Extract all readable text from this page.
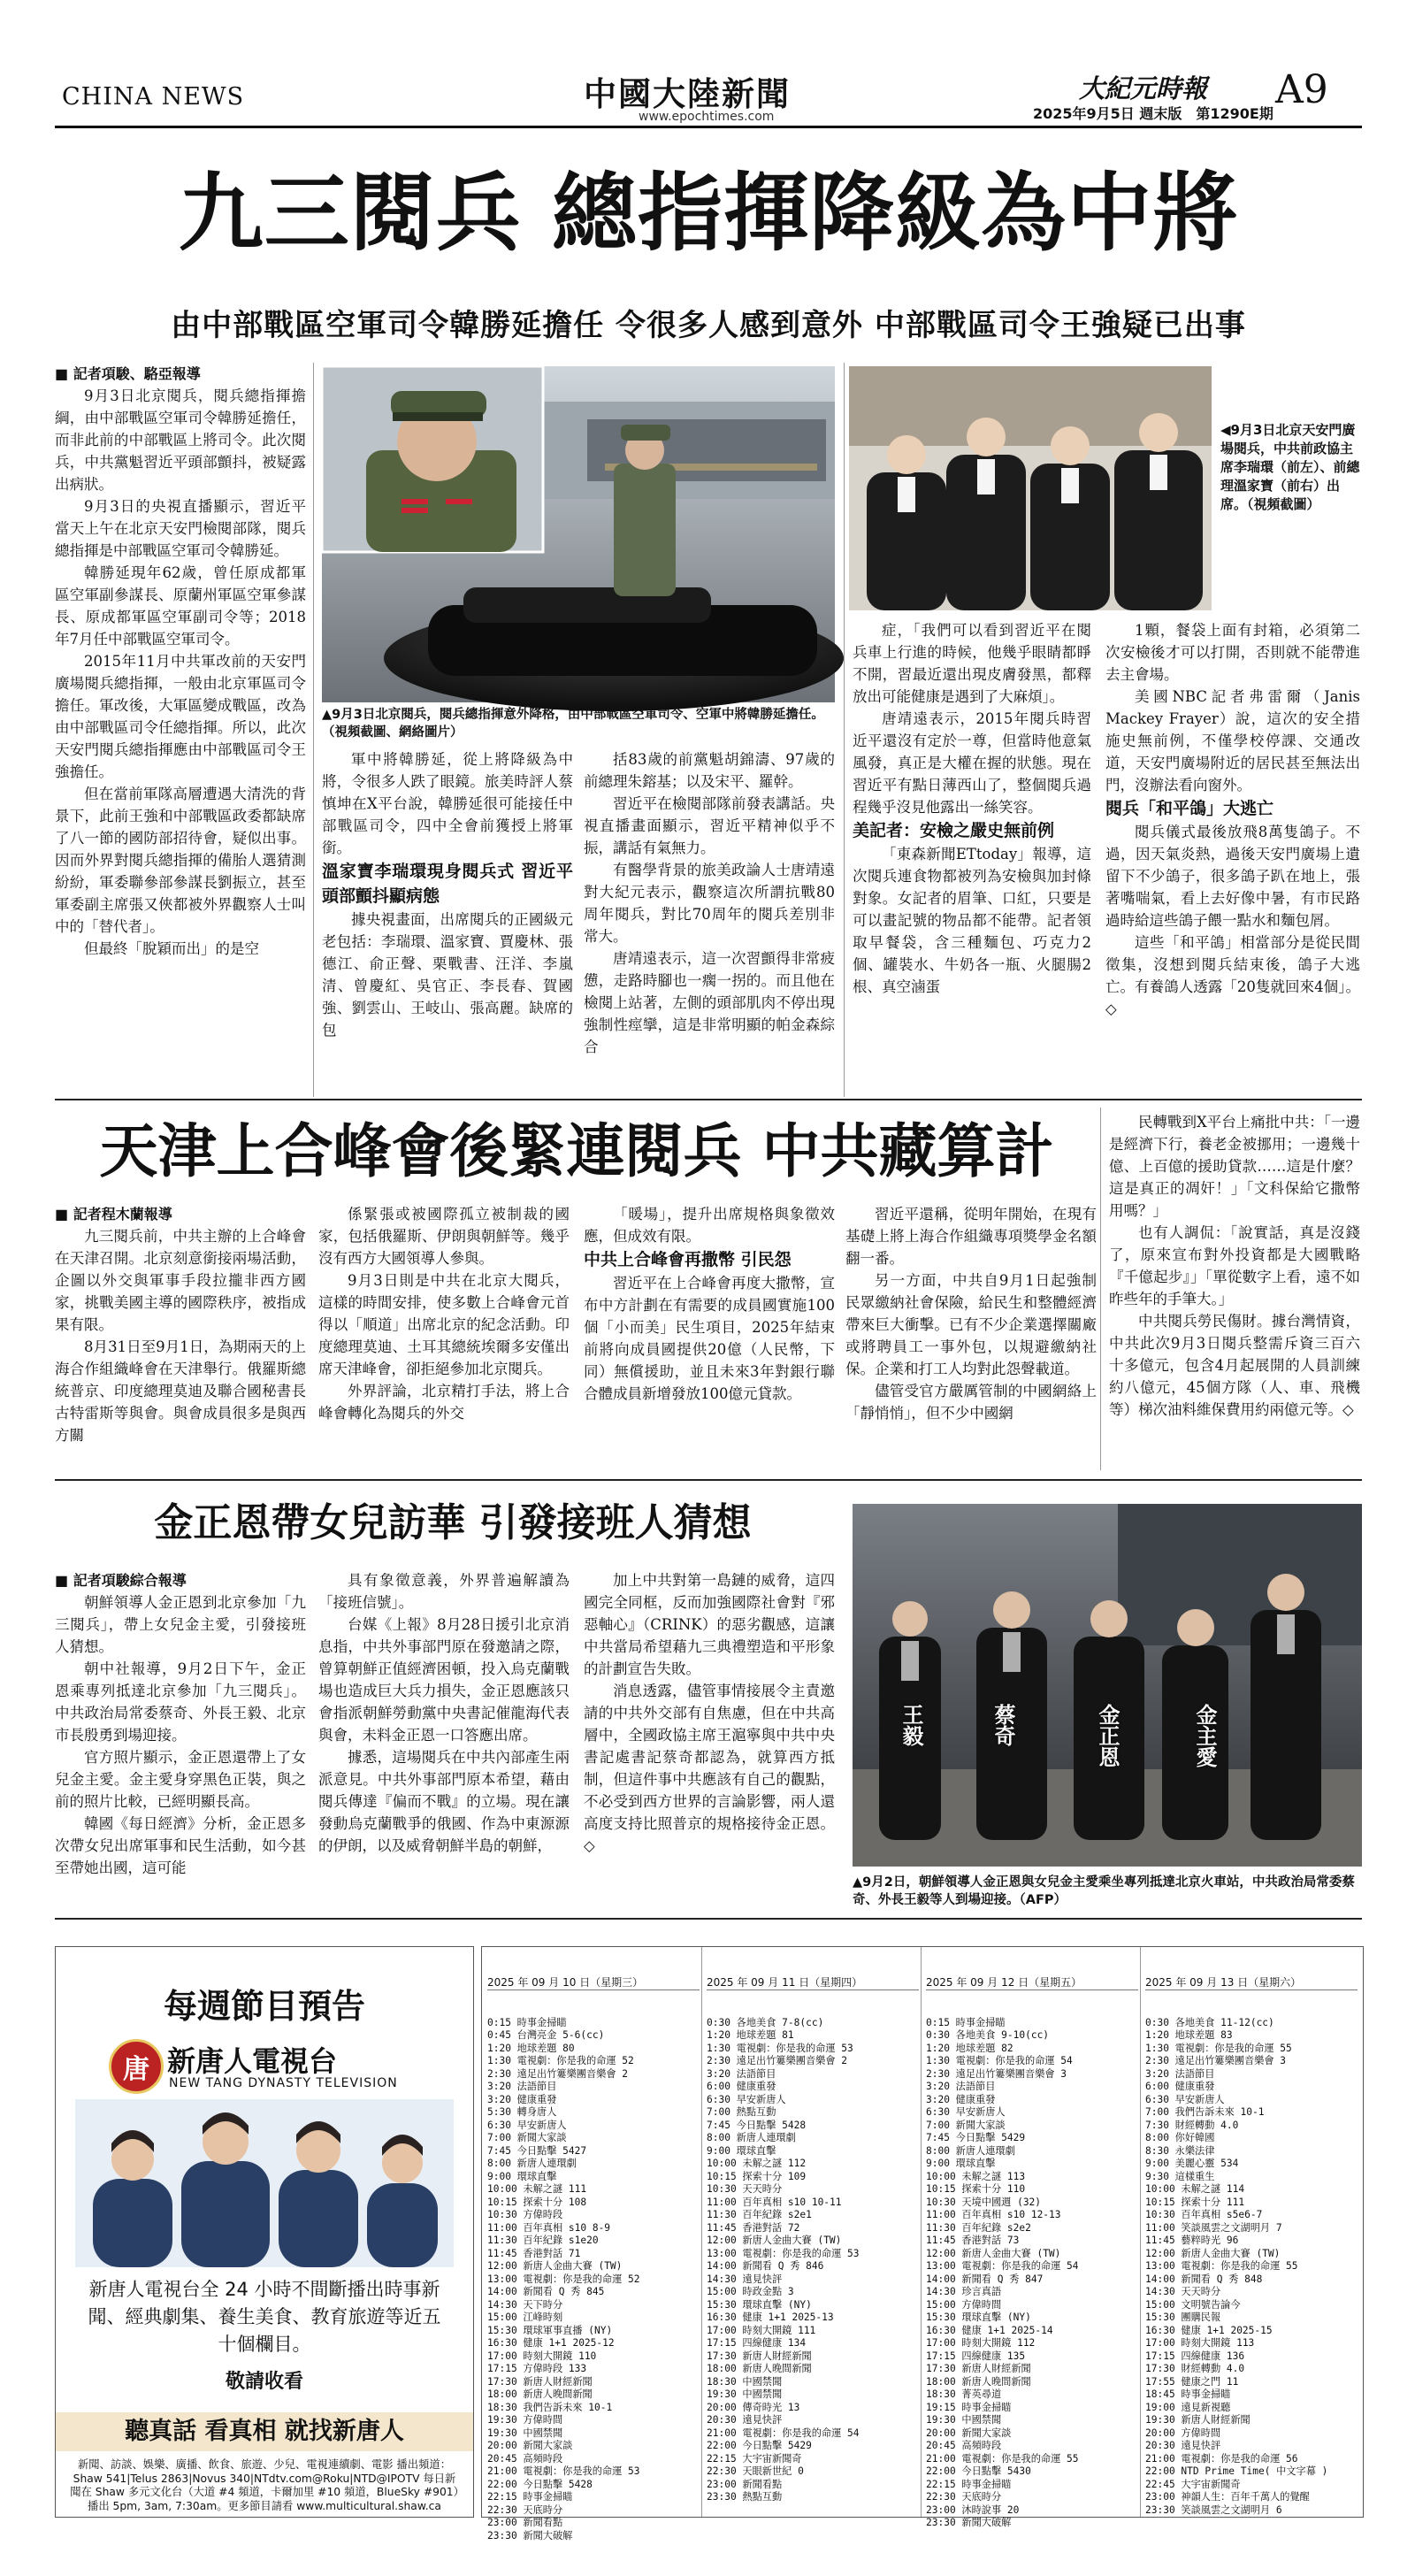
CHINA NEWS	中國大陸新聞
www.epochtimes.com
大紀元時報
2025年9月5日 週末版　第1290E期
A9
九三閱兵 總指揮降級為中將
由中部戰區空軍司令韓勝延擔任 令很多人感到意外 中部戰區司令王強疑已出事

■ 記者項駿、駱亞報導

9月3日北京閱兵，閱兵總指揮擔綱，由中部戰區空軍司令韓勝延擔任，而非此前的中部戰區上將司令。此次閱兵，中共黨魁習近平頭部顫抖，被疑露出病狀。

9月3日的央視直播顯示，習近平當天上午在北京天安門檢閱部隊，閱兵總指揮是中部戰區空軍司令韓勝延。

韓勝延現年62歲，曾任原成都軍區空軍副參謀長、原蘭州軍區空軍參謀長、原成都軍區空軍副司令等；2018年7月任中部戰區空軍司令。

2015年11月中共軍改前的天安門廣場閱兵總指揮，一般由北京軍區司令擔任。軍改後，大軍區變成戰區，改為由中部戰區司令任總指揮。所以，此次天安門閱兵總指揮應由中部戰區司令王強擔任。

但在當前軍隊高層遭遇大清洗的背景下，此前王強和中部戰區政委都缺席了八一節的國防部招待會，疑似出事。因而外界對閱兵總指揮的備胎人選猜測紛紛，軍委聯參部參謀長劉振立，甚至軍委副主席張又俠都被外界觀察人士叫中的「替代者」。

但最終「脫穎而出」的是空

▲9月3日北京閱兵，閱兵總指揮意外降格，由中部戰區空軍司令、空軍中將韓勝延擔任。（視頻截圖、網絡圖片）
◀9月3日北京天安門廣場閱兵，中共前政協主席李瑞環（前左）、前總理溫家寶（前右）出席。（視頻截圖）

軍中將韓勝延，從上將降級為中將，令很多人跌了眼鏡。旅美時評人蔡慎坤在X平台說，韓勝延很可能接任中部戰區司令，四中全會前獲授上將軍銜。

溫家寶李瑞環現身閱兵式 習近平頭部顫抖顯病態

據央視畫面，出席閱兵的正國級元老包括：李瑞環、溫家寶、賈慶林、張德江、俞正聲、栗戰書、汪洋、李嵐清、曾慶紅、吳官正、李長春、賀國強、劉雲山、王岐山、張高麗。缺席的包

括83歲的前黨魁胡錦濤、97歲的前總理朱鎔基；以及宋平、羅幹。

習近平在檢閱部隊前發表講話。央視直播畫面顯示，習近平精神似乎不振，講話有氣無力。

有醫學背景的旅美政論人士唐靖遠對大紀元表示，觀察這次所謂抗戰80周年閱兵，對比70周年的閱兵差別非常大。

唐靖遠表示，這一次習顫得非常疲憊，走路時腳也一瘸一拐的。而且他在檢閱上站著，左側的頭部肌肉不停出現強制性痙攣，這是非常明顯的帕金森綜合

症，「我們可以看到習近平在閱兵車上行進的時候，他幾乎眼睛都睜不開，習最近還出現皮膚發黑，都釋放出可能健康是遇到了大麻煩」。

唐靖遠表示，2015年閱兵時習近平還沒有定於一尊，但當時他意氣風發，真正是大權在握的狀態。現在習近平有點日薄西山了，整個閱兵過程幾乎沒見他露出一絲笑容。

美記者：安檢之嚴史無前例

「東森新聞ETtoday」報導，這次閱兵連食物都被列為安檢與加封條對象。女記者的眉筆、口紅，只要是可以畫記號的物品都不能帶。記者領取早餐袋，含三種麵包、巧克力2個、罐裝水、牛奶各一瓶、火腿腸2根、真空滷蛋

1顆，餐袋上面有封箱，必須第二次安檢後才可以打開，否則就不能帶進去主會場。

美國NBC記者弗雷爾（Janis Mackey Frayer）說，這次的安全措施史無前例，不僅學校停課、交通改道，天安門廣場附近的居民甚至無法出門，沒辦法看向窗外。

閱兵「和平鴿」大逃亡

閱兵儀式最後放飛8萬隻鴿子。不過，因天氣炎熱，過後天安門廣場上遺留下不少鴿子，很多鴿子趴在地上，張著嘴喘氣，看上去好像中暑，有市民路過時給這些鴿子餵一點水和麵包屑。

這些「和平鴿」相當部分是從民間徵集，沒想到閱兵結束後，鴿子大逃亡。有養鴿人透露「20隻就回來4個」。◇

天津上合峰會後緊連閱兵 中共藏算計

■ 記者程木蘭報導

九三閱兵前，中共主辦的上合峰會在天津召開。北京刻意銜接兩場活動，企圖以外交與軍事手段拉攏非西方國家，挑戰美國主導的國際秩序，被指成果有限。

8月31日至9月1日，為期兩天的上海合作組織峰會在天津舉行。俄羅斯總統普京、印度總理莫迪及聯合國秘書長古特雷斯等與會。與會成員很多是與西方關

係緊張或被國際孤立被制裁的國家，包括俄羅斯、伊朗與朝鮮等。幾乎沒有西方大國領導人參與。

9月3日則是中共在北京大閱兵，這樣的時間安排，使多數上合峰會元首得以「順道」出席北京的紀念活動。印度總理莫迪、土耳其總統埃爾多安僅出席天津峰會，卻拒絕參加北京閱兵。

外界評論，北京精打手法，將上合峰會轉化為閱兵的外交

「暖場」，提升出席規格與象徵效應，但成效有限。

中共上合峰會再撒幣 引民怨

習近平在上合峰會再度大撒幣，宣布中方計劃在有需要的成員國實施100個「小而美」民生項目，2025年結束前將向成員國提供20億（人民幣，下同）無償援助，並且未來3年對銀行聯合體成員新增發放100億元貸款。

習近平還稱，從明年開始，在現有基礎上將上海合作組織專項獎學金名額翻一番。

另一方面，中共自9月1日起強制民眾繳納社會保險，給民生和整體經濟帶來巨大衝擊。已有不少企業選擇關廠或將聘員工一事外包，以規避繳納社保。企業和打工人均對此怨聲載道。

儘管受官方嚴厲管制的中國網絡上「靜悄悄」，但不少中國網

民轉戰到X平台上痛批中共：「一邊是經濟下行，養老金被挪用；一邊幾十億、上百億的援助貸款……這是什麼？這是真正的凋奸！」「文科保給它撒幣用嗎？」

也有人調侃：「說實話，真是沒錢了，原來宣布對外投資都是大國戰略『千億起步』」「單從數字上看，遠不如昨些年的手筆大。」

中共閱兵勞民傷財。據台灣情資，中共此次9月3日閱兵整需斥資三百六十多億元，包含4月起展開的人員訓練約八億元，45個方隊（人、車、飛機等）梯次油料維保費用約兩億元等。◇

金正恩帶女兒訪華 引發接班人猜想

■ 記者項駿綜合報導

朝鮮領導人金正恩到北京參加「九三閱兵」，帶上女兒金主愛，引發接班人猜想。

朝中社報導，9月2日下午，金正恩乘專列抵達北京參加「九三閱兵」。中共政治局常委蔡奇、外長王毅、北京市長殷勇到場迎接。

官方照片顯示，金正恩還帶上了女兒金主愛。金主愛身穿黑色正裝，與之前的照片比較，已經明顯長高。

韓國《每日經濟》分析，金正恩多次帶女兒出席軍事和民生活動，如今甚至帶她出國，這可能

具有象徵意義，外界普遍解讀為「接班信號」。

台媒《上報》8月28日援引北京消息指，中共外事部門原在發邀請之際，曾算朝鮮正值經濟困頓，投入烏克蘭戰場也造成巨大兵力損失，金正恩應該只會指派朝鮮勞動黨中央書記催龍海代表與會，未料金正恩一口答應出席。

據悉，這場閱兵在中共內部產生兩派意見。中共外事部門原本希望，藉由閱兵傳達『偏而不戰』的立場。現在讓發動烏克蘭戰爭的俄國、作為中東源源的伊朗，以及威脅朝鮮半島的朝鮮，

加上中共對第一島鏈的威脅，這四國完全同框，反而加強國際社會對『邪惡軸心』（CRINK）的惡劣觀感，這讓中共當局希望藉九三典禮塑造和平形象的計劃宣告失敗。

消息透露，儘管事情接展令主責邀請的中共外交部有自焦慮，但在中共高層中，全國政協主席王滬寧與中共中央書記處書記蔡奇都認為，就算西方抵制，但這件事中共應該有自己的觀點，不必受到西方世界的言論影響，兩人還高度支持比照普京的規格接待金正恩。◇

王毅	蔡奇	金正恩	金主愛
▲9月2日，朝鮮領導人金正恩與女兒金主愛乘坐專列抵達北京火車站，中共政治局常委蔡奇、外長王毅等人到場迎接。（AFP）
每週節目預告
唐 新唐人電視台
NEW TANG DYNASTY TELEVISION
新唐人電視台全 24 小時不間斷播出時事新聞、經典劇集、養生美食、教育旅遊等近五十個欄目。
敬請收看
聽真話 看真相 就找新唐人
新聞、訪談、娛樂、廣播、飲食、旅遊、少兒、電視連續劇、電影 播出頻道：Shaw 541|Telus 2863|Novus 340|NTdtv.com@Roku|NTD@IPOTV 每日新聞在 Shaw 多元文化台（大道 #4 頻道，卡爾加里 #10 頻道，BlueSky #901）播出 5pm, 3am, 7:30am。更多節目請看 www.multicultural.shaw.ca

2025 年 09 月 10 日（星期三）

0:15 時事金掃瞄
0:45 台灣亮金 5-6(cc)
1:20 地球差題 80
1:30 電視劇：你是我的命運 52
2:30 遠足出竹簍樂團音樂會 2
3:20 法語節目
3:20 健康重發
5:30 轉身唐人
6:30 早安新唐人
7:00 新聞大家談
7:45 今日點擊 5427
8:00 新唐人連環劇
9:00 環球直擊
10:00 未解之謎 111
10:15 探索十分 108
10:30 方偉時段
11:00 百年真相 s10 8-9
11:30 百年紀錄 s1e20
11:45 香港對話 71
12:00 新唐人金曲大賽 (TW)
13:00 電視劇：你是我的命運 52
14:00 新聞看 Q 秀 845
14:30 天下時分
15:00 江峰時刻
15:30 環球軍事直播 (NY)
16:30 健康 1+1 2025-12
17:00 時刻大開鏡 110
17:15 方偉時段 133
17:30 新唐人財經新聞
18:00 新唐人晚間新聞
18:30 我們告訴未來 10-1
19:30 方偉時間
19:30 中國禁聞
20:00 新聞大家談
20:45 高頻時段
21:00 電視劇：你是我的命運 53
22:00 今日點擊 5428
22:15 時事金掃瞄
22:30 天底時分
23:00 新聞看點
23:30 新聞大破解

2025 年 09 月 11 日（星期四）

0:30 各地美食 7-8(cc)
1:20 地球差題 81
1:30 電視劇：你是我的命運 53
2:30 遠足出竹簍樂團音樂會 2
3:20 法語節目
6:00 健康重發
6:30 早安新唐人
7:00 熱點互動
7:45 今日點擊 5428
8:00 新唐人連環劇
9:00 環球直擊
10:00 未解之謎 112
10:15 探索十分 109
10:30 天天時分
11:00 百年真相 s10 10-11
11:30 百年紀錄 s2e1
11:45 香港對話 72
12:00 新唐人金曲大賽 (TW)
13:00 電視劇：你是我的命運 53
14:00 新聞看 Q 秀 846
14:30 遠見快評
15:00 時政金點 3
15:30 環球直擊 (NY)
16:30 健康 1+1 2025-13
17:00 時刻大開鏡 111
17:15 四線健康 134
17:30 新唐人財經新聞
18:00 新唐人晚間新聞
18:30 中國禁聞
19:30 中國禁聞
20:00 傳奇時光 13
20:30 遠見快評
21:00 電視劇：你是我的命運 54
22:00 今日點擊 5429
22:15 大宇宙新聞奇
22:30 天眼新世紀 0
23:00 新聞看點
23:30 熱點互動

2025 年 09 月 12 日（星期五）

0:15 時事金掃瞄
0:30 各地美食 9-10(cc)
1:20 地球差題 82
1:30 電視劇：你是我的命運 54
2:30 遠足出竹簍樂團音樂會 3
3:20 法語節目
3:20 健康重發
6:30 早安新唐人
7:00 新聞大家談
7:45 今日點擊 5429
8:00 新唐人連環劇
9:00 環球直擊
10:00 未解之謎 113
10:15 探索十分 110
10:30 天境中國週 (32)
11:00 百年真相 s10 12-13
11:30 百年紀錄 s2e2
11:45 香港對話 73
12:00 新唐人金曲大賽 (TW)
13:00 電視劇：你是我的命運 54
14:00 新聞看 Q 秀 847
14:30 珍言真語
15:00 方偉時間
15:30 環球直擊 (NY)
16:30 健康 1+1 2025-14
17:00 時刻大開鏡 112
17:15 四線健康 135
17:30 新唐人財經新聞
18:00 新唐人晚間新聞
18:30 菁英尋道
19:15 時事金掃瞄
19:30 中國禁聞
20:00 新聞大家談
20:45 高頻時段
21:00 電視劇：你是我的命運 55
22:00 今日點擊 5430
22:15 時事金掃瞄
22:30 天底時分
23:00 沐時說事 20
23:30 新聞大破解

2025 年 09 月 13 日（星期六）

0:30 各地美食 11-12(cc)
1:20 地球差題 83
1:30 電視劇：你是我的命運 55
2:30 遠足出竹簍樂團音樂會 3
3:20 法語節目
6:00 健康重發
6:30 早安新唐人
7:00 我們告訴未來 10-1
7:30 財經轉動 4.0
8:00 你好韓國
8:30 永樂法律
9:00 美麗心靈 534
9:30 這樣重生
10:00 未解之謎 114
10:15 探索十分 111
10:30 百年真相 s5e6-7
11:00 笑談風雲之文湖明月 7
11:45 藝粹時光 96
12:00 新唐人金曲大賽 (TW)
13:00 電視劇：你是我的命運 55
14:00 新聞看 Q 秀 848
14:30 天天時分
15:00 文明號告論今
15:30 團購民報
16:30 健康 1+1 2025-15
17:00 時刻大開鏡 113
17:15 四線健康 136
17:30 財經轉動 4.0
17:55 健康之門 11
18:45 時事金掃瞄
19:00 遠見新視聽
19:30 新唐人財經新聞
20:00 方偉時間
20:30 遠見快評
21:00 電視劇：你是我的命運 56
22:00 NTD Prime Time( 中文字幕 )
22:45 大宇宙新聞奇
23:00 神韻人生：百年千萬人的覺醒
23:30 笑談風雲之文湖明月 6
